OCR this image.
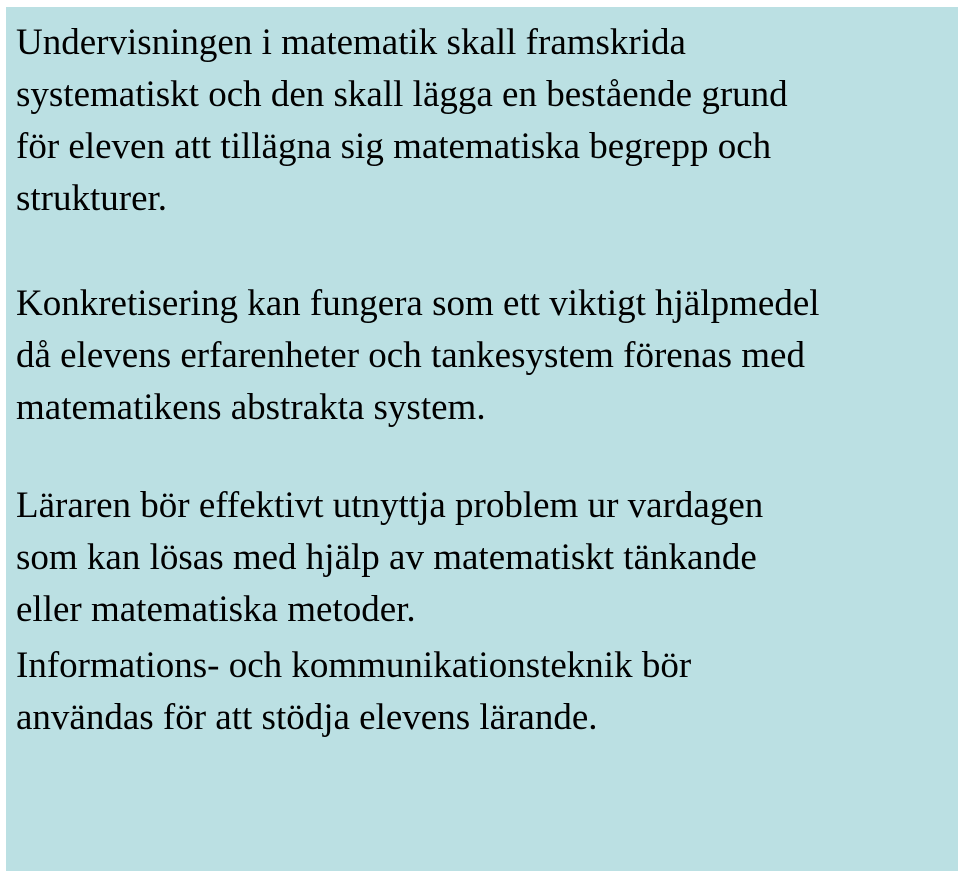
Undervisningen i matematik skall framskrida
systematiskt och den skall lägga en bestående grund
för eleven att tillägna sig matematiska begrepp och
strukturer.

Konkretisering kan fungera som ett viktigt hjälpmedel
då elevens erfarenheter och tankesystem förenas med
matematikens abstrakta system.

Läraren bör effektivt utnyttja problem ur vardagen
som kan lösas med hjälp av matematiskt tänkande
eller matematiska metoder.

Informations- och kommunikationsteknik bör
användas för att stödja elevens lärande.
